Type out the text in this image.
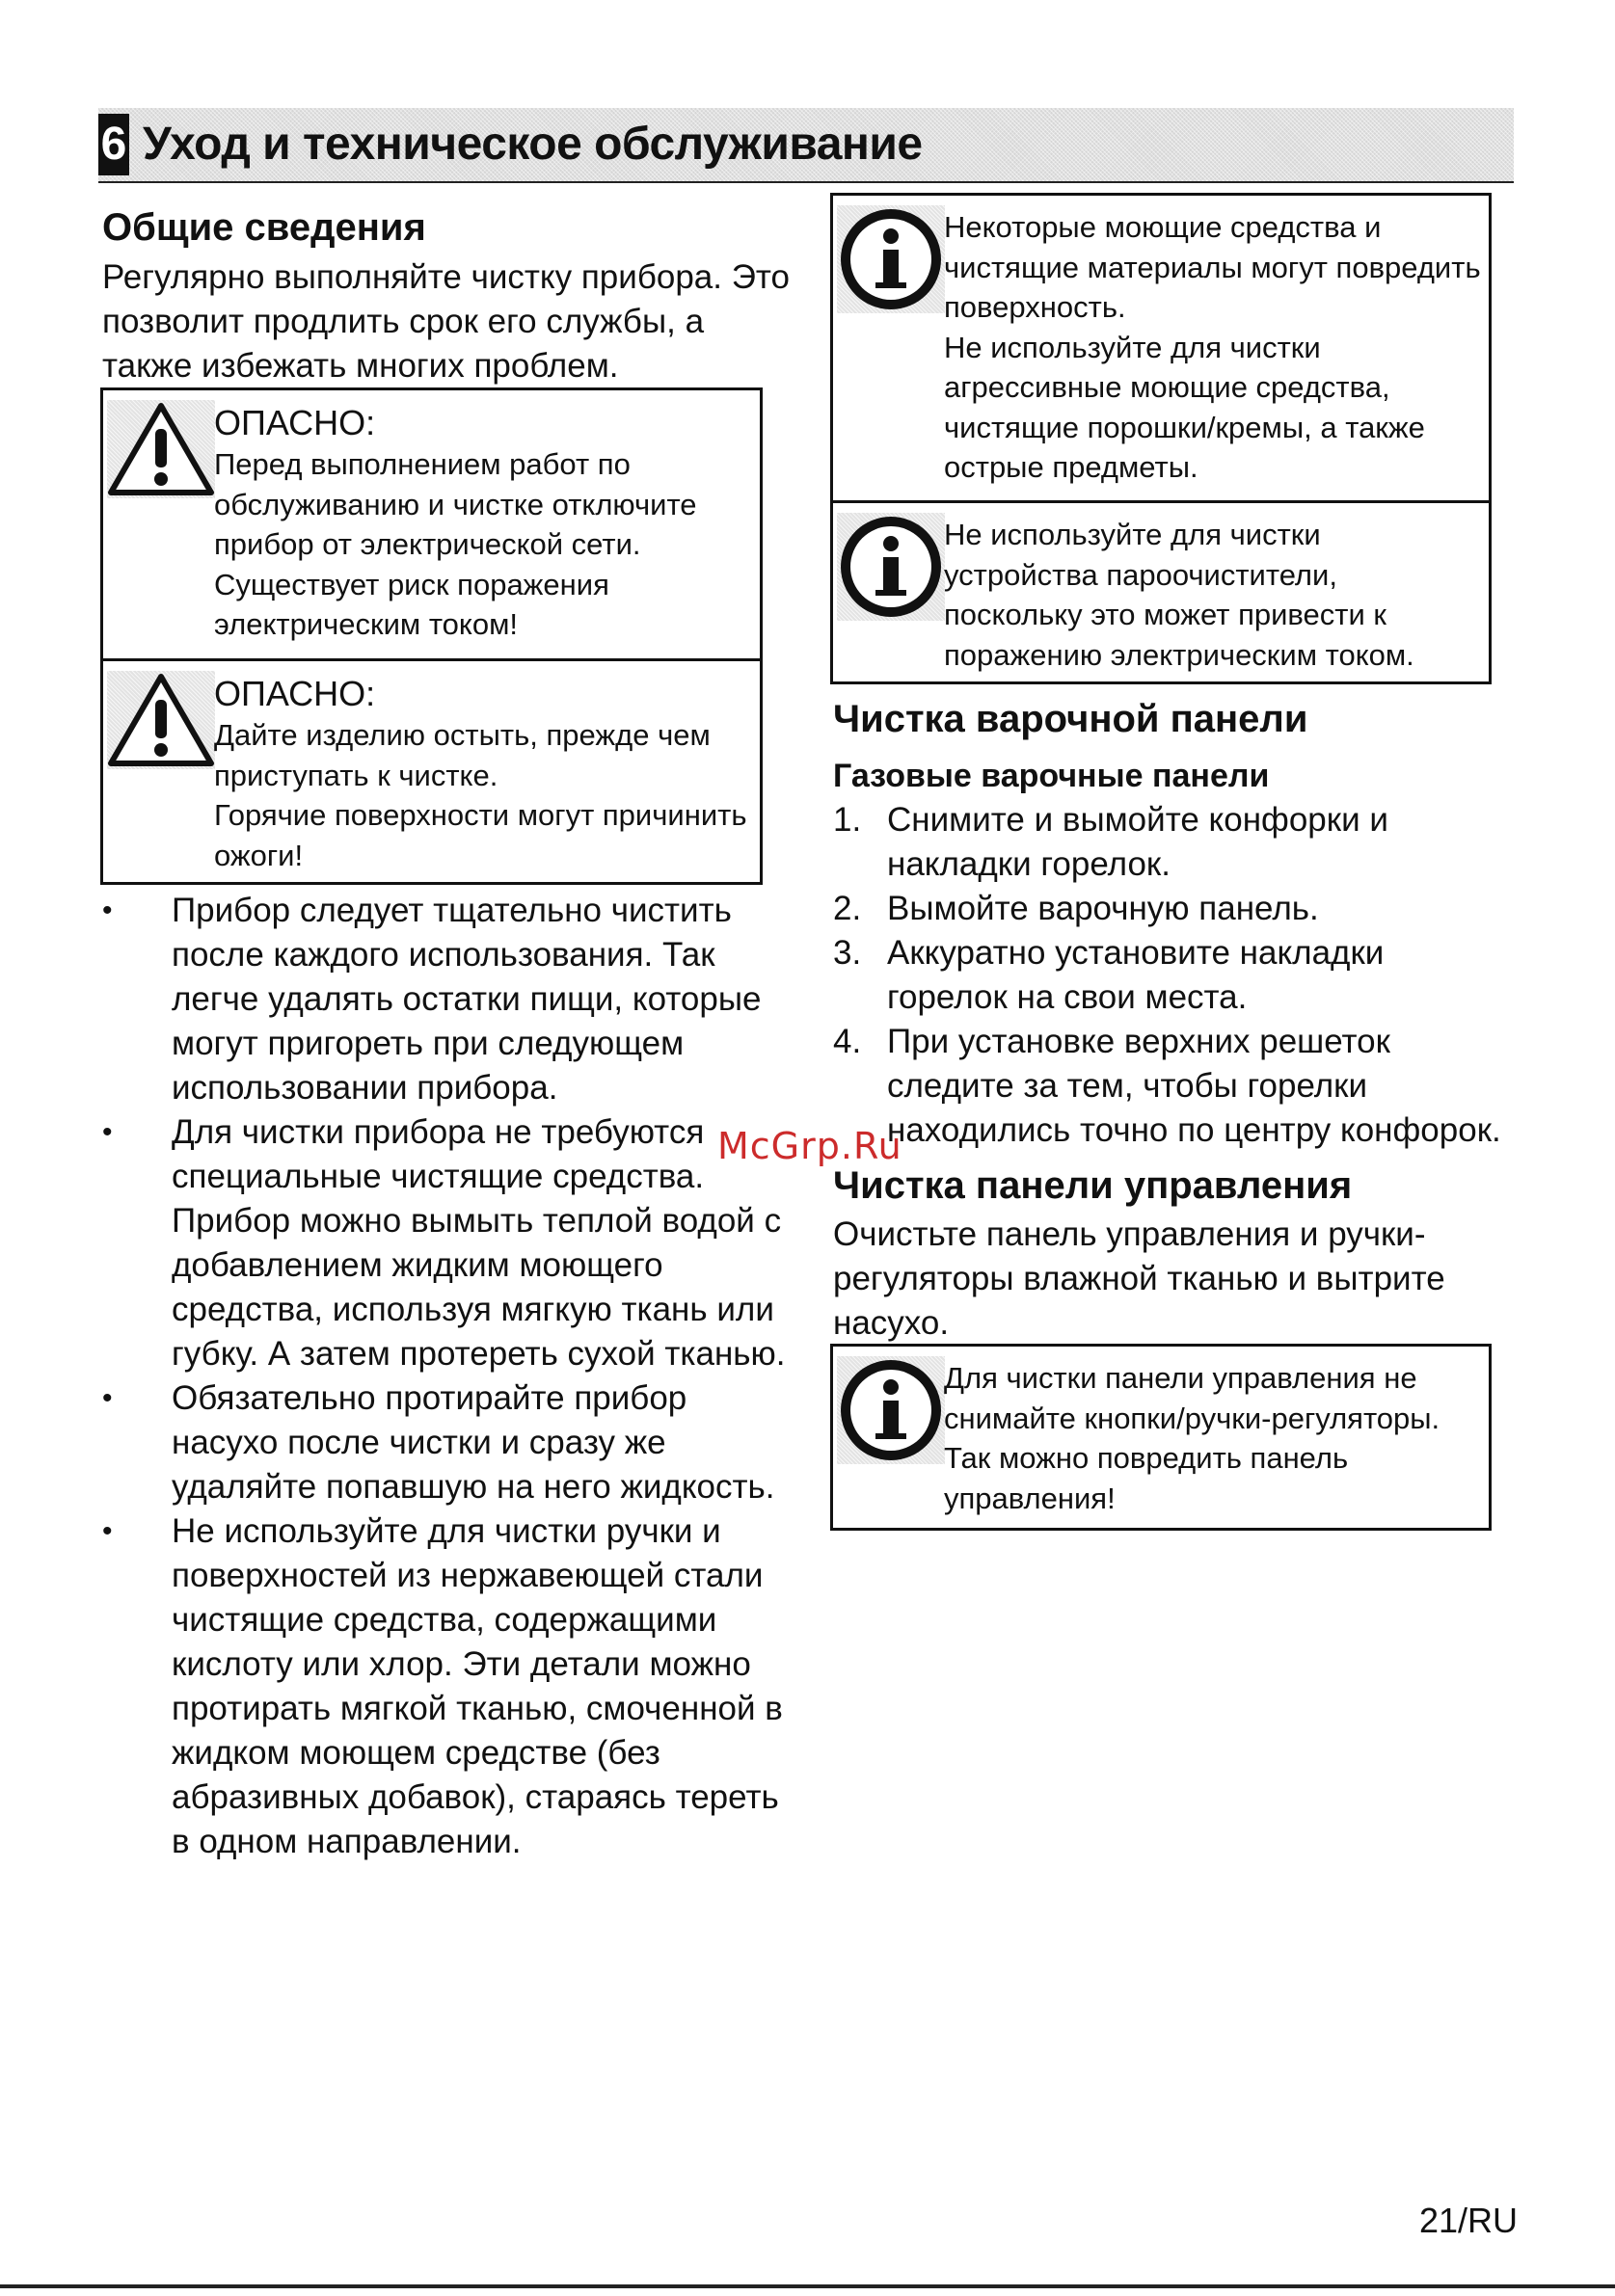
6 Уход и техническое обслуживание
Общие сведения
Регулярно выполняйте чистку прибора. Это позволит продлить срок его службы, а также избежать многих проблем.
ОПАСНО:
Перед выполнением работ по обслуживанию и чистке отключите прибор от электрической сети.
Существует риск поражения электрическим током!
ОПАСНО:
Дайте изделию остыть, прежде чем приступать к чистке.
Горячие поверхности могут причинить ожоги!
• Прибор следует тщательно чистить после каждого использования. Так легче удалять остатки пищи, которые могут пригореть при следующем использовании прибора.
• Для чистки прибора не требуются специальные чистящие средства. Прибор можно вымыть теплой водой с добавлением жидким моющего средства, используя мягкую ткань или губку. А затем протереть сухой тканью.
• Обязательно протирайте прибор насухо после чистки и сразу же удаляйте попавшую на него жидкость.
• Не используйте для чистки ручки и поверхностей из нержавеющей стали чистящие средства, содержащими кислоту или хлор. Эти детали можно протирать мягкой тканью, смоченной в жидком моющем средстве (без абразивных добавок), стараясь тереть в одном направлении.
Некоторые моющие средства и чистящие материалы могут повредить поверхность.
Не используйте для чистки агрессивные моющие средства, чистящие порошки/кремы, а также острые предметы.
Не используйте для чистки устройства пароочистители, поскольку это может привести к поражению электрическим током.
Чистка варочной панели
Газовые варочные панели
1. Снимите и вымойте конфорки и накладки горелок.
2. Вымойте варочную панель.
3. Аккуратно установите накладки горелок на свои места.
4. При установке верхних решеток следите за тем, чтобы горелки находились точно по центру конфорок.
Чистка панели управления
Очистьте панель управления и ручки-регуляторы влажной тканью и вытрите насухо.
Для чистки панели управления не снимайте кнопки/ручки-регуляторы.
Так можно повредить панель управления!
McGrp.Ru
21/RU
